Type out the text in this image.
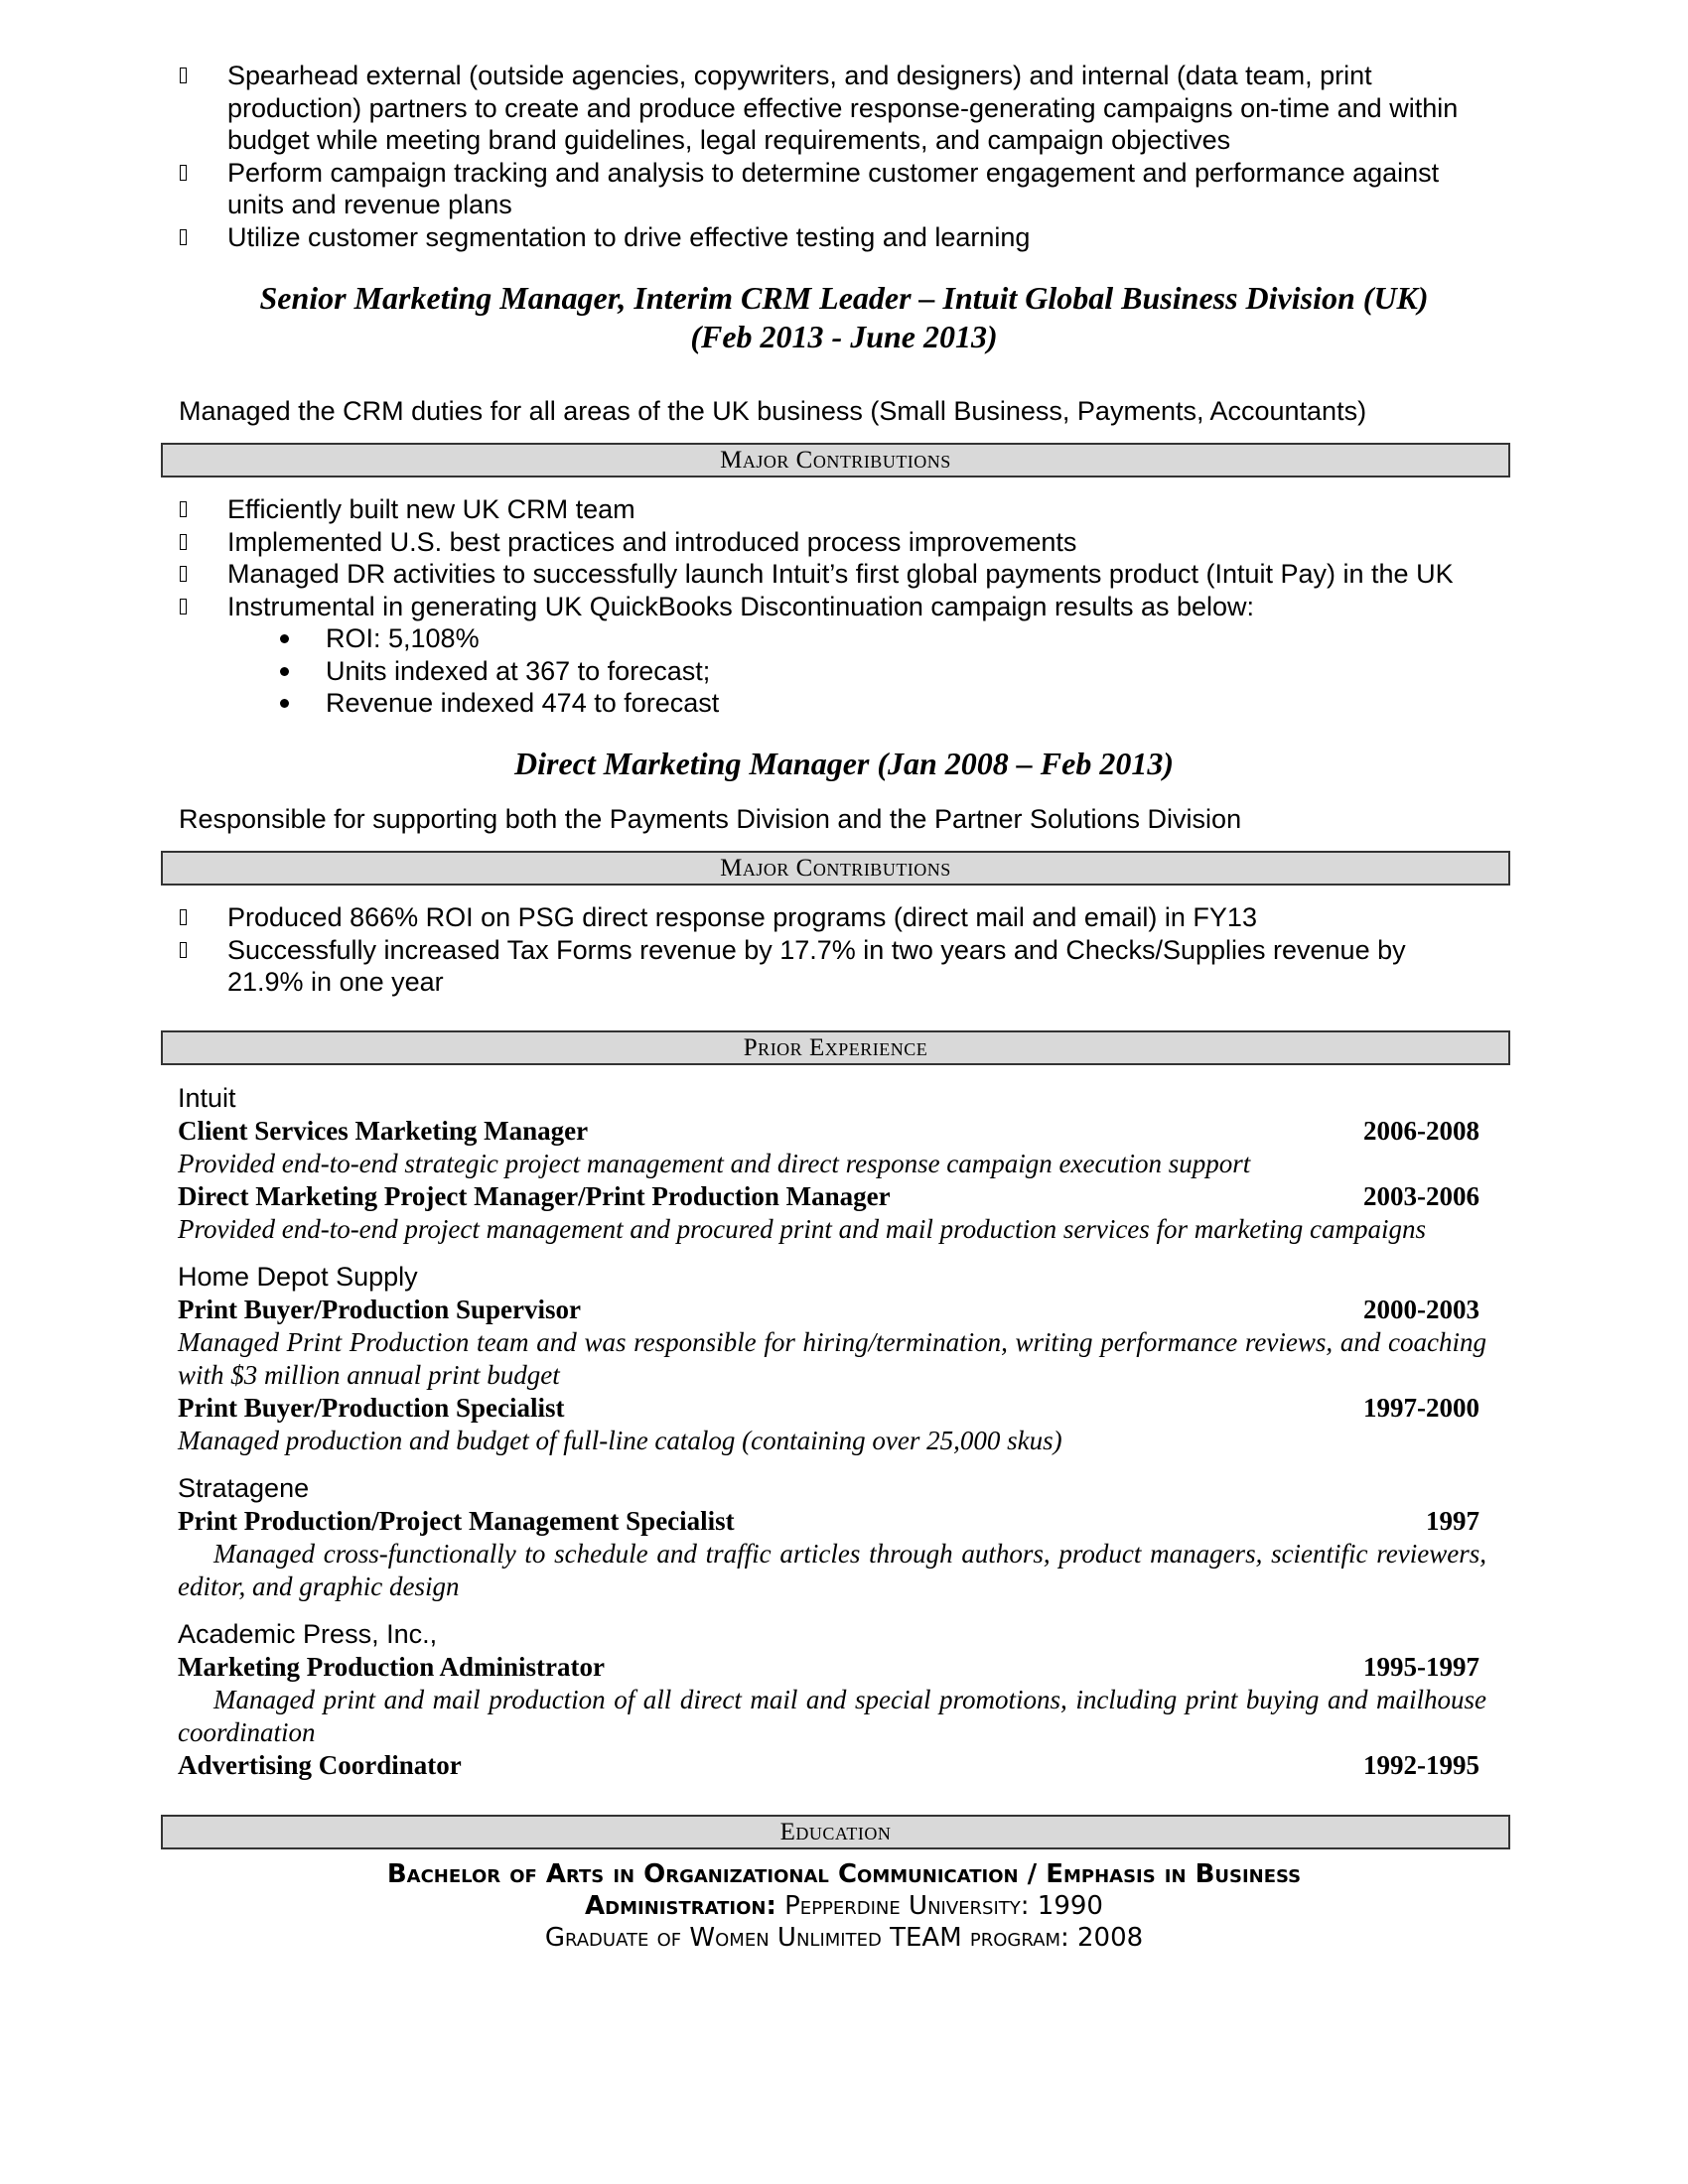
Spearhead external (outside agencies, copywriters, and designers) and internal (data team, print
production) partners to create and produce effective response-generating campaigns on-time and within
budget while meeting brand guidelines, legal requirements, and campaign objectives
Perform campaign tracking and analysis to determine customer engagement and performance against
units and revenue plans
Utilize customer segmentation to drive effective testing and learning
Senior Marketing Manager, Interim CRM Leader – Intuit Global Business Division (UK)
(Feb 2013 - June 2013)
Managed the CRM duties for all areas of the UK business (Small Business, Payments, Accountants)
Major Contributions
Efficiently built new UK CRM team
Implemented U.S. best practices and introduced process improvements
Managed DR activities to successfully launch Intuit’s first global payments product (Intuit Pay) in the UK
Instrumental in generating UK QuickBooks Discontinuation campaign results as below:
ROI: 5,108%
Units indexed at 367 to forecast;
Revenue indexed 474 to forecast
Direct Marketing Manager (Jan 2008 – Feb 2013)
Responsible for supporting both the Payments Division and the Partner Solutions Division
Major Contributions
Produced 866% ROI on PSG direct response programs (direct mail and email) in FY13
Successfully increased Tax Forms revenue by 17.7% in two years and Checks/Supplies revenue by
21.9% in one year
Prior Experience
Intuit
Client Services Marketing Manager	2006-2008
Provided end-to-end strategic project management and direct response campaign execution support
Direct Marketing Project Manager/Print Production Manager	2003-2006
Provided end-to-end project management and procured print and mail production services for marketing campaigns
Home Depot Supply
Print Buyer/Production Supervisor	2000-2003
Managed Print Production team and was responsible for hiring/termination, writing performance reviews, and coaching with $3 million annual print budget
Print Buyer/Production Specialist	1997-2000
Managed production and budget of full-line catalog (containing over 25,000 skus)
Stratagene
Print Production/Project Management Specialist	1997
Managed cross-functionally to schedule and traffic articles through authors, product managers, scientific reviewers, editor, and graphic design
Academic Press, Inc.,
Marketing Production Administrator	1995-1997
Managed print and mail production of all direct mail and special promotions, including print buying and mailhouse coordination
Advertising Coordinator	1992-1995
Education
Bachelor of Arts in Organizational Communication / Emphasis in Business
Administration: Pepperdine University: 1990
Graduate of Women Unlimited TEAM program: 2008
